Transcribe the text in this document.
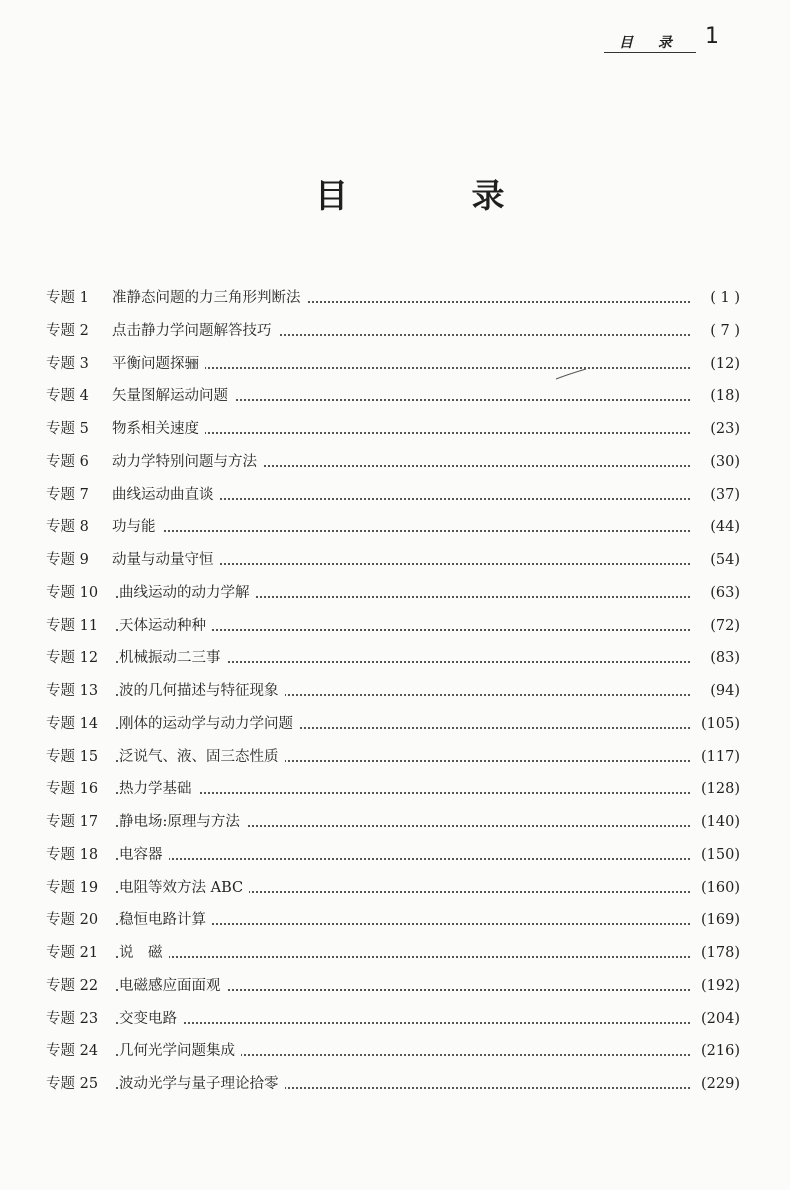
目 录 1
目 录
专题 1 准静态问题的力三角形判断法	( 1 )
专题 2 点击静力学问题解答技巧	( 7 )
专题 3 平衡问题探骊	(12)
专题 4 矢量图解运动问题	(18)
专题 5 物系相关速度	(23)
专题 6 动力学特别问题与方法	(30)
专题 7 曲线运动曲直谈	(37)
专题 8 功与能	(44)
专题 9 动量与动量守恒	(54)
专题 10 曲线运动的动力学解	(63)
专题 11 天体运动种种	(72)
专题 12 机械振动二三事	(83)
专题 13 波的几何描述与特征现象	(94)
专题 14 刚体的运动学与动力学问题	(105)
专题 15 泛说气、液、固三态性质	(117)
专题 16 热力学基础	(128)
专题 17 静电场:原理与方法	(140)
专题 18 电容器	(150)
专题 19 电阻等效方法 ABC	(160)
专题 20 稳恒电路计算	(169)
专题 21 说　磁	(178)
专题 22 电磁感应面面观	(192)
专题 23 交变电路	(204)
专题 24 几何光学问题集成	(216)
专题 25 波动光学与量子理论拾零	(229)
